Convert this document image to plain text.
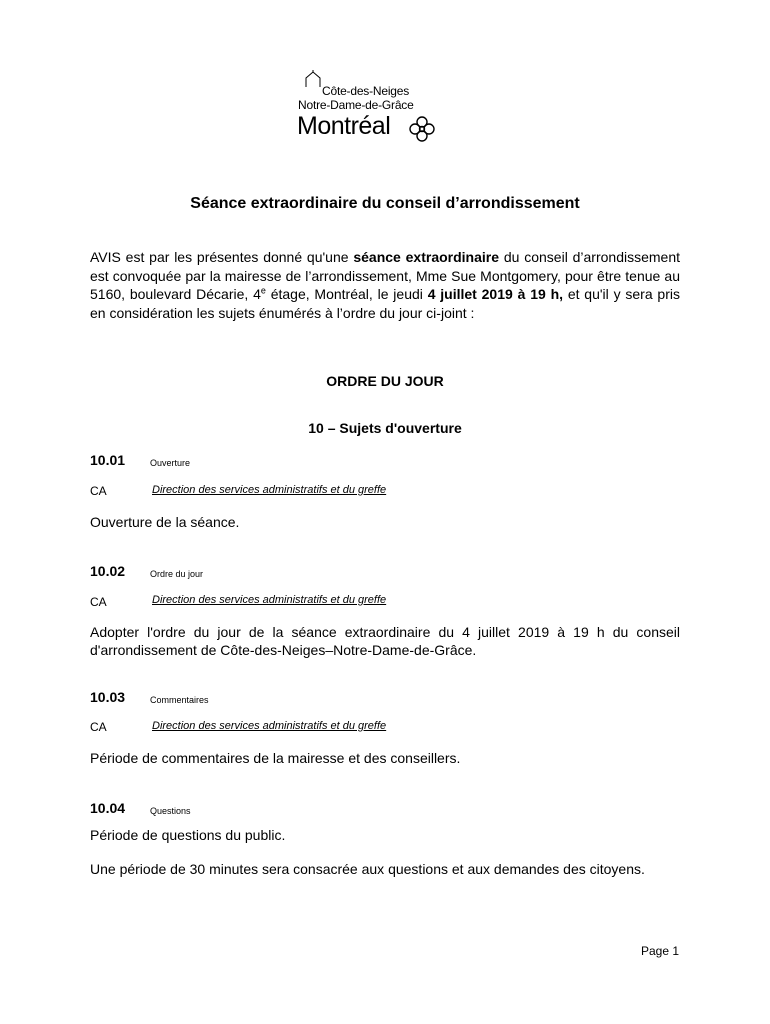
Côte-des-Neiges
Notre-Dame-de-Grâce
Montréal
Séance extraordinaire du conseil d’arrondissement
AVIS est par les présentes donné qu'une séance extraordinaire du conseil d’arrondissement est convoquée par la mairesse de l’arrondissement, Mme Sue Montgomery, pour être tenue au 5160, boulevard Décarie, 4e étage, Montréal, le jeudi 4 juillet 2019 à 19 h, et qu'il y sera pris en considération les sujets énumérés à l’ordre du jour ci-joint :
ORDRE DU JOUR
10 – Sujets d'ouverture
10.01	Ouverture
CA	Direction des services administratifs et du greffe
Ouverture de la séance.
10.02	Ordre du jour
CA	Direction des services administratifs et du greffe
Adopter l'ordre du jour de la séance extraordinaire du 4 juillet 2019 à 19 h du conseil d'arrondissement de Côte-des-Neiges–Notre-Dame-de-Grâce.
10.03	Commentaires
CA	Direction des services administratifs et du greffe
Période de commentaires de la mairesse et des conseillers.
10.04	Questions
Période de questions du public.
Une période de 30 minutes sera consacrée aux questions et aux demandes des citoyens.
Page 1
